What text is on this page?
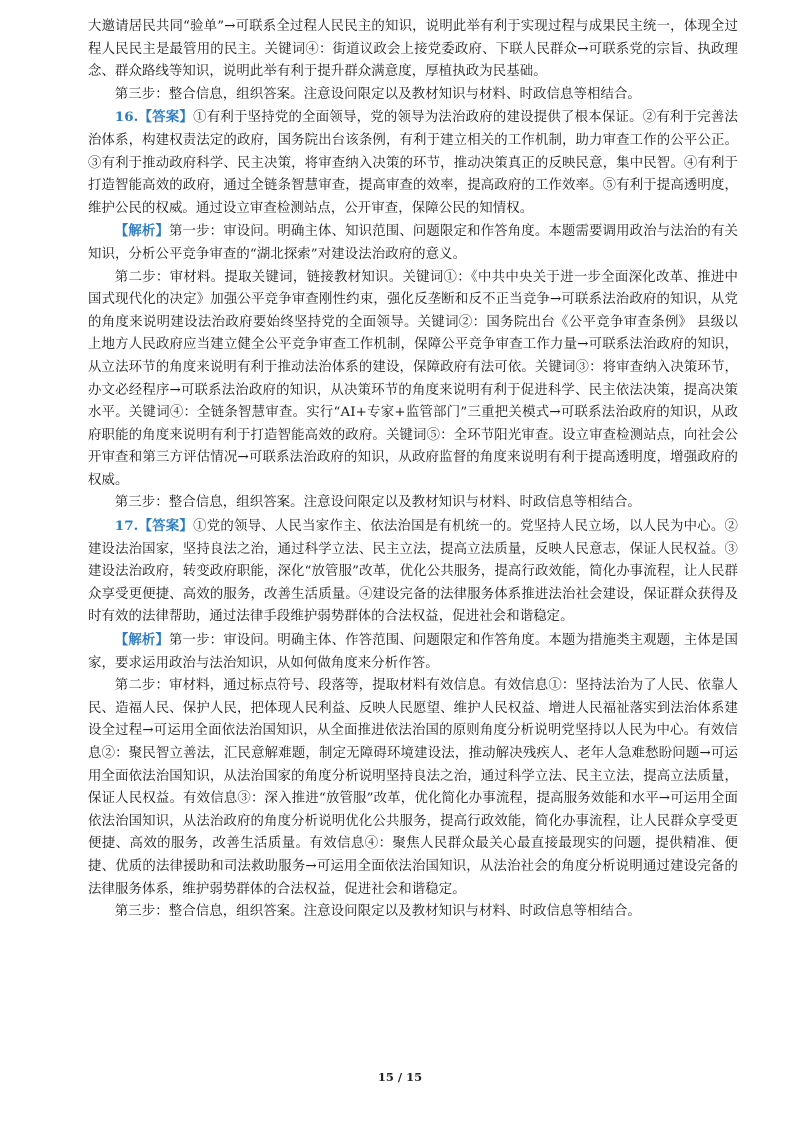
大邀请居民共同“验单”→可联系全过程人民民主的知识，说明此举有利于实现过程与成果民主统一，体现全过程人民民主是最管用的民主。关键词④：街道议政会上接党委政府、下联人民群众→可联系党的宗旨、执政理念、群众路线等知识，说明此举有利于提升群众满意度，厚植执政为民基础。

第三步：整合信息，组织答案。注意设问限定以及教材知识与材料、时政信息等相结合。

16.【答案】①有利于坚持党的全面领导，党的领导为法治政府的建设提供了根本保证。②有利于完善法治体系，构建权责法定的政府，国务院出台该条例，有利于建立相关的工作机制，助力审查工作的公平公正。③有利于推动政府科学、民主决策，将审查纳入决策的环节，推动决策真正的反映民意，集中民智。④有利于打造智能高效的政府，通过全链条智慧审查，提高审查的效率，提高政府的工作效率。⑤有利于提高透明度，维护公民的权威。通过设立审查检测站点，公开审查，保障公民的知情权。

【解析】第一步：审设问。明确主体、知识范围、问题限定和作答角度。本题需要调用政治与法治的有关知识，分析公平竞争审查的“湖北探索”对建设法治政府的意义。

第二步：审材料。提取关键词，链接教材知识。关键词①：《中共中央关于进一步全面深化改革、推进中国式现代化的决定》加强公平竞争审查刚性约束，强化反垄断和反不正当竞争→可联系法治政府的知识，从党的角度来说明建设法治政府要始终坚持党的全面领导。关键词②：国务院出台《公平竞争审查条例》 县级以上地方人民政府应当建立健全公平竞争审查工作机制，保障公平竞争审查工作力量→可联系法治政府的知识，从立法环节的角度来说明有利于推动法治体系的建设，保障政府有法可依。关键词③：将审查纳入决策环节，办文必经程序→可联系法治政府的知识，从决策环节的角度来说明有利于促进科学、民主依法决策，提高决策水平。关键词④：全链条智慧审查。实行“AI+专家+监管部门”三重把关模式→可联系法治政府的知识，从政府职能的角度来说明有利于打造智能高效的政府。关键词⑤：全环节阳光审查。设立审查检测站点，向社会公开审查和第三方评估情况→可联系法治政府的知识，从政府监督的角度来说明有利于提高透明度，增强政府的权威。

第三步：整合信息，组织答案。注意设问限定以及教材知识与材料、时政信息等相结合。

17.【答案】①党的领导、人民当家作主、依法治国是有机统一的。党坚持人民立场，以人民为中心。②建设法治国家，坚持良法之治，通过科学立法、民主立法，提高立法质量，反映人民意志，保证人民权益。③建设法治政府，转变政府职能，深化“放管服”改革，优化公共服务，提高行政效能，简化办事流程，让人民群众享受更便捷、高效的服务，改善生活质量。④建设完备的法律服务体系推进法治社会建设，保证群众获得及时有效的法律帮助，通过法律手段维护弱势群体的合法权益，促进社会和谐稳定。

【解析】第一步：审设问。明确主体、作答范围、问题限定和作答角度。本题为措施类主观题，主体是国家，要求运用政治与法治知识，从如何做角度来分析作答。

第二步：审材料，通过标点符号、段落等，提取材料有效信息。有效信息①：坚持法治为了人民、依靠人民、造福人民、保护人民，把体现人民利益、反映人民愿望、维护人民权益、增进人民福祉落实到法治体系建设全过程→可运用全面依法治国知识，从全面推进依法治国的原则角度分析说明党坚持以人民为中心。有效信息②：聚民智立善法，汇民意解难题，制定无障碍环境建设法，推动解决残疾人、老年人急难愁盼问题→可运用全面依法治国知识，从法治国家的角度分析说明坚持良法之治，通过科学立法、民主立法，提高立法质量，保证人民权益。有效信息③：深入推进“放管服”改革，优化简化办事流程，提高服务效能和水平→可运用全面依法治国知识，从法治政府的角度分析说明优化公共服务，提高行政效能，简化办事流程，让人民群众享受更便捷、高效的服务，改善生活质量。有效信息④：聚焦人民群众最关心最直接最现实的问题，提供精准、便捷、优质的法律援助和司法救助服务→可运用全面依法治国知识，从法治社会的角度分析说明通过建设完备的法律服务体系，维护弱势群体的合法权益，促进社会和谐稳定。

第三步：整合信息，组织答案。注意设问限定以及教材知识与材料、时政信息等相结合。

15 / 15
